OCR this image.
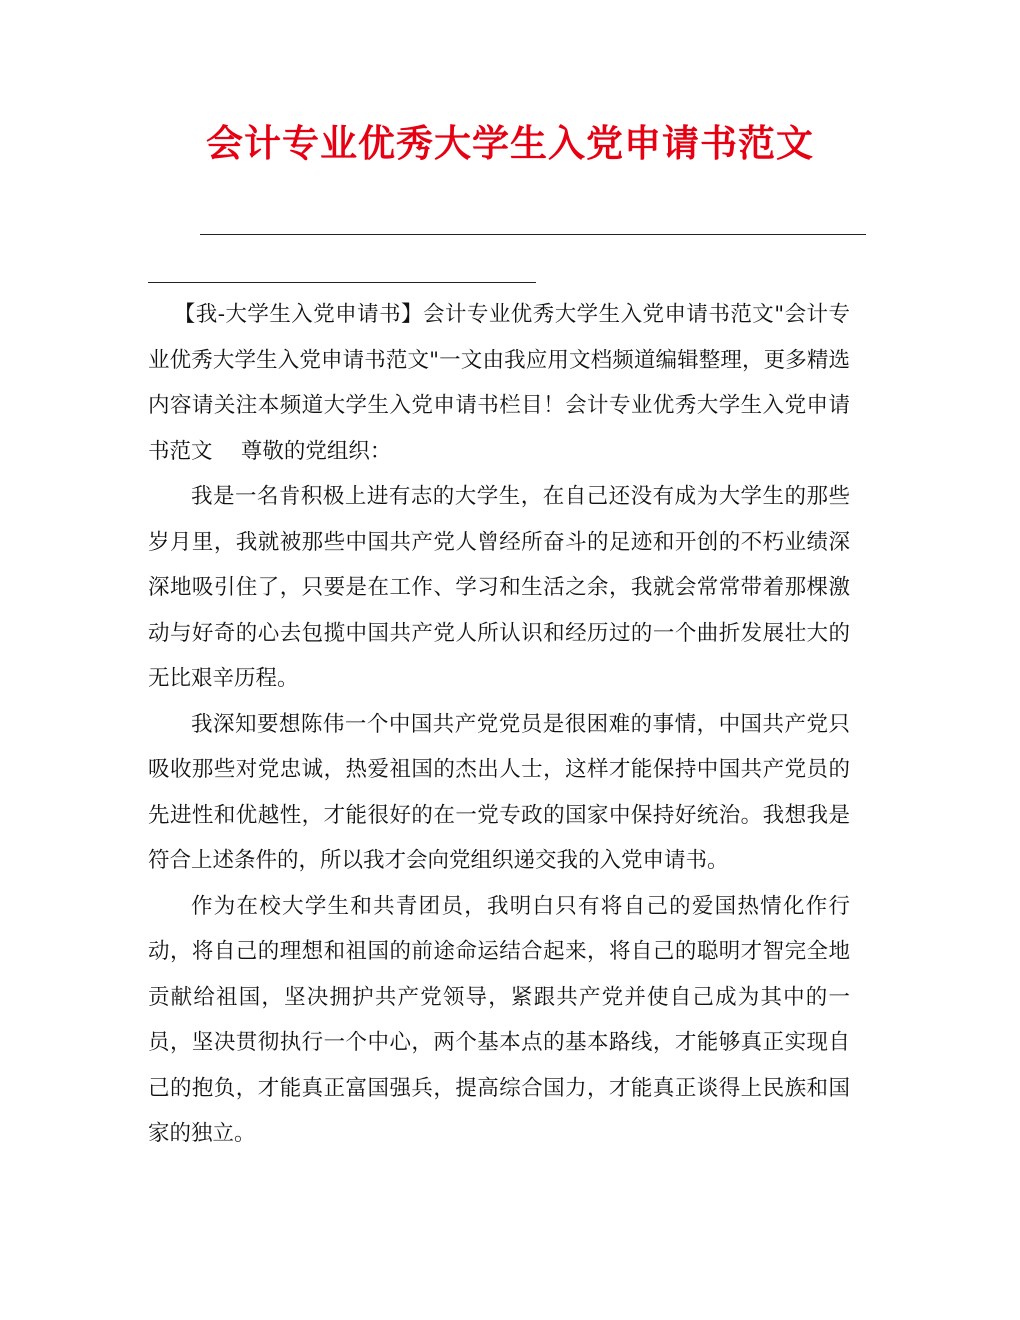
会计专业优秀大学生入党申请书范文

【我-大学生入党申请书】会计专业优秀大学生入党申请书范文"会计专业优秀大学生入党申请书范文"一文由我应用文档频道编辑整理，更多精选内容请关注本频道大学生入党申请书栏目！会计专业优秀大学生入党申请书范文　 尊敬的党组织：

我是一名肯积极上进有志的大学生，在自己还没有成为大学生的那些岁月里，我就被那些中国共产党人曾经所奋斗的足迹和开创的不朽业绩深深地吸引住了，只要是在工作、学习和生活之余，我就会常常带着那棵激动与好奇的心去包揽中国共产党人所认识和经历过的一个曲折发展壮大的无比艰辛历程。

我深知要想陈伟一个中国共产党党员是很困难的事情，中国共产党只吸收那些对党忠诚，热爱祖国的杰出人士，这样才能保持中国共产党员的先进性和优越性，才能很好的在一党专政的国家中保持好统治。我想我是符合上述条件的，所以我才会向党组织递交我的入党申请书。

作为在校大学生和共青团员，我明白只有将自己的爱国热情化作行动，将自己的理想和祖国的前途命运结合起来，将自己的聪明才智完全地贡献给祖国，坚决拥护共产党领导，紧跟共产党并使自己成为其中的一员，坚决贯彻执行一个中心，两个基本点的基本路线，才能够真正实现自己的抱负，才能真正富国强兵，提高综合国力，才能真正谈得上民族和国家的独立。
